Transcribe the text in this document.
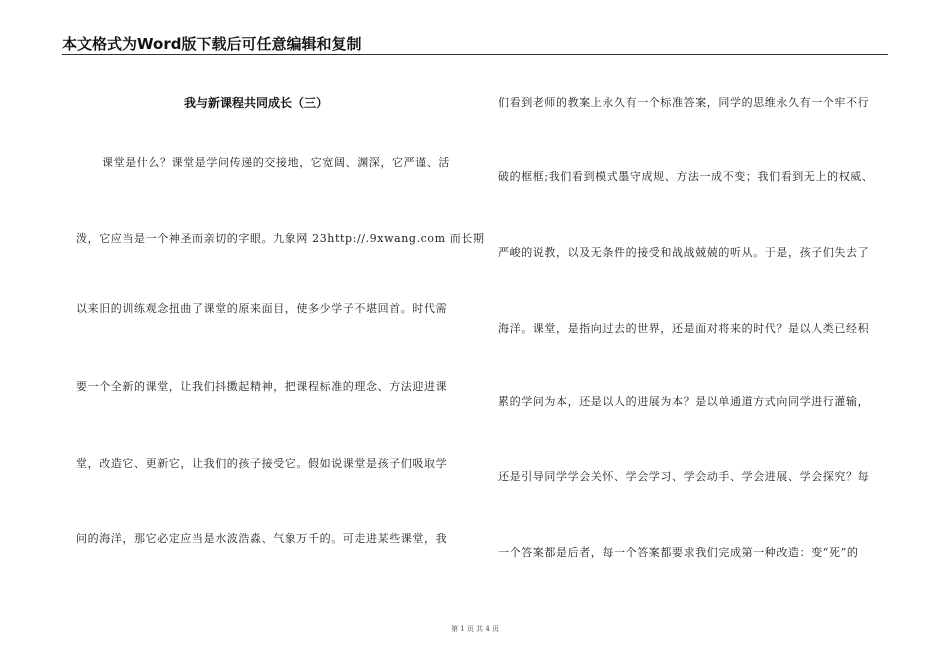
本文格式为Word版下载后可任意编辑和复制
我与新课程共同成长（三）
课堂是什么？课堂是学问传递的交接地，它宽阔、渊深，它严谨、活
泼，它应当是一个神圣而亲切的字眼。九象网 23http://.9xwang.com 而长期
以来旧的训练观念扭曲了课堂的原来面目，使多少学子不堪回首。时代需
要一个全新的课堂，让我们抖擞起精神，把课程标准的理念、方法迎进课
堂，改造它、更新它，让我们的孩子接受它。假如说课堂是孩子们吸取学
问的海洋，那它必定应当是水波浩淼、气象万千的。可走进某些课堂，我
们看到老师的教案上永久有一个标准答案，同学的思维永久有一个牢不行
破的框框;我们看到模式墨守成规、方法一成不变；我们看到无上的权威、
严峻的说教，以及无条件的接受和战战兢兢的听从。于是，孩子们失去了
海洋。课堂，是指向过去的世界，还是面对将来的时代？是以人类已经积
累的学问为本，还是以人的进展为本？是以单通道方式向同学进行灌输，
还是引导同学学会关怀、学会学习、学会动手、学会进展、学会探究？每
一个答案都是后者，每一个答案都要求我们完成第一种改造：变“死”的
第 1 页 共 4 页
